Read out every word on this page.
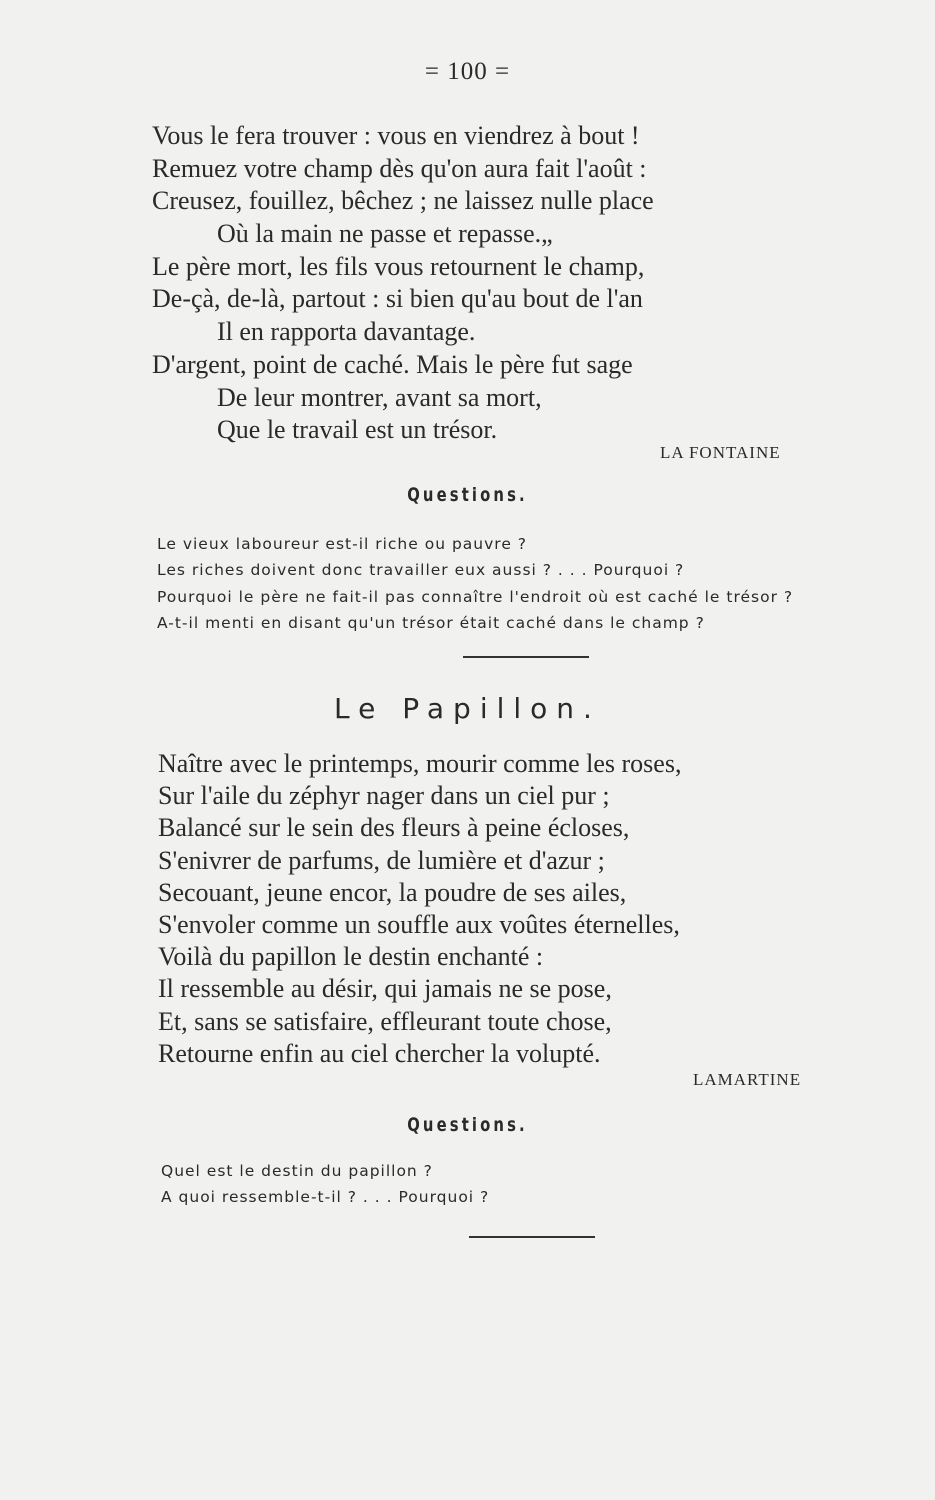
= 100 =
Vous le fera trouver : vous en viendrez à bout !
Remuez votre champ dès qu'on aura fait l'août :
Creusez, fouillez, bêchez ; ne laissez nulle place
Où la main ne passe et repasse.„
Le père mort, les fils vous retournent le champ,
De-çà, de-là, partout : si bien qu'au bout de l'an
Il en rapporta davantage.
D'argent, point de caché. Mais le père fut sage
De leur montrer, avant sa mort,
Que le travail est un trésor.
LA FONTAINE
Questions.
Le vieux laboureur est-il riche ou pauvre ?
Les riches doivent donc travailler eux aussi ? . . . Pourquoi ?
Pourquoi le père ne fait-il pas connaître l'endroit où est caché le trésor ?
A-t-il menti en disant qu'un trésor était caché dans le champ ?
Le Papillon.
Naître avec le printemps, mourir comme les roses,
Sur l'aile du zéphyr nager dans un ciel pur ;
Balancé sur le sein des fleurs à peine écloses,
S'enivrer de parfums, de lumière et d'azur ;
Secouant, jeune encor, la poudre de ses ailes,
S'envoler comme un souffle aux voûtes éternelles,
Voilà du papillon le destin enchanté :
Il ressemble au désir, qui jamais ne se pose,
Et, sans se satisfaire, effleurant toute chose,
Retourne enfin au ciel chercher la volupté.
LAMARTINE
Questions.
Quel est le destin du papillon ?
A quoi ressemble-t-il ? . . . Pourquoi ?
